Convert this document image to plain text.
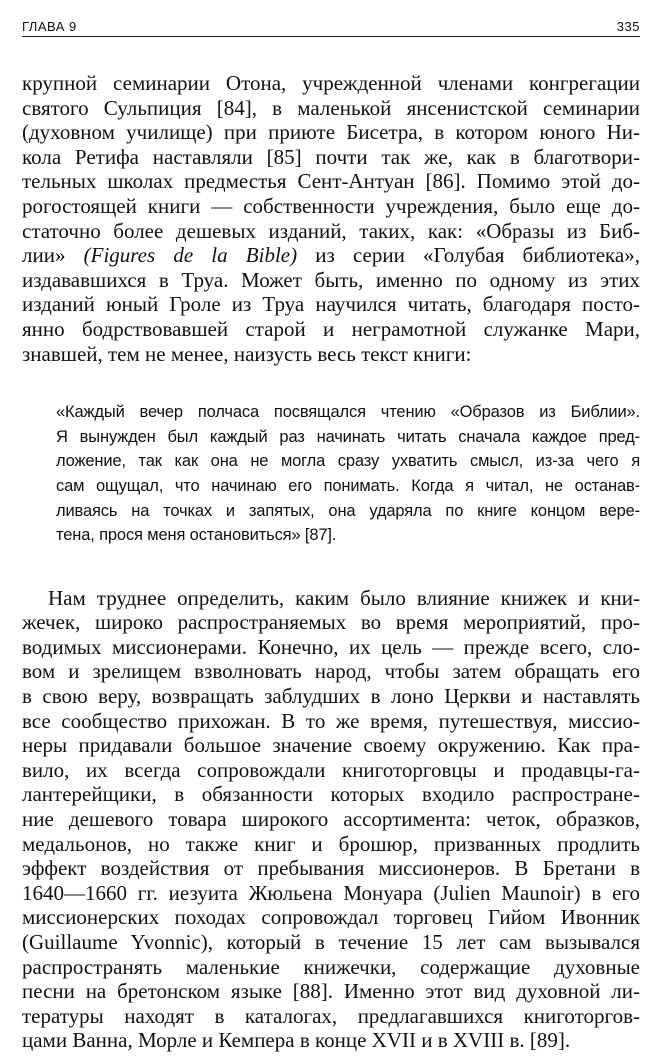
ГЛАВА 9	335

крупной семинарии Отона, учрежденной членами конгрегации
святого Сульпиция [84], в маленькой янсенистской семинарии
(духовном училище) при приюте Бисетра, в котором юного Ни-
кола Ретифа наставляли [85] почти так же, как в благотвори-
тельных школах предместья Сент-Антуан [86]. Помимо этой до-
рогостоящей книги — собственности учреждения, было еще до-
статочно более дешевых изданий, таких, как: «Образы из Биб-
лии» (Figures de la Bible) из серии «Голубая библиотека»,
издававшихся в Труа. Может быть, именно по одному из этих
изданий юный Гроле из Труа научился читать, благодаря посто-
янно бодрствовавшей старой и неграмотной служанке Мари,
знавшей, тем не менее, наизусть весь текст книги:

«Каждый вечер полчаса посвящался чтению «Образов из Библии».
Я вынужден был каждый раз начинать читать сначала каждое пред-
ложение, так как она не могла сразу ухватить смысл, из-за чего я
сам ощущал, что начинаю его понимать. Когда я читал, не останав-
ливаясь на точках и запятых, она ударяла по книге концом вере-
тена, прося меня остановиться» [87].

Нам труднее определить, каким было влияние книжек и кни-
жечек, широко распространяемых во время мероприятий, про-
водимых миссионерами. Конечно, их цель — прежде всего, сло-
вом и зрелищем взволновать народ, чтобы затем обращать его
в свою веру, возвращать заблудших в лоно Церкви и наставлять
все сообщество прихожан. В то же время, путешествуя, миссио-
неры придавали большое значение своему окружению. Как пра-
вило, их всегда сопровождали книготорговцы и продавцы-га-
лантерейщики, в обязанности которых входило распростране-
ние дешевого товара широкого ассортимента: четок, образков,
медальонов, но также книг и брошюр, призванных продлить
эффект воздействия от пребывания миссионеров. В Бретани в
1640—1660 гг. иезуита Жюльена Монуара (Julien Maunoir) в его
миссионерских походах сопровождал торговец Гийом Ивонник
(Guillaume Yvonnic), который в течение 15 лет сам вызывался
распространять маленькие книжечки, содержащие духовные
песни на бретонском языке [88]. Именно этот вид духовной ли-
тературы находят в каталогах, предлагавшихся книготоргов-
цами Ванна, Морле и Кемпера в конце XVII и в XVIII в. [89].
